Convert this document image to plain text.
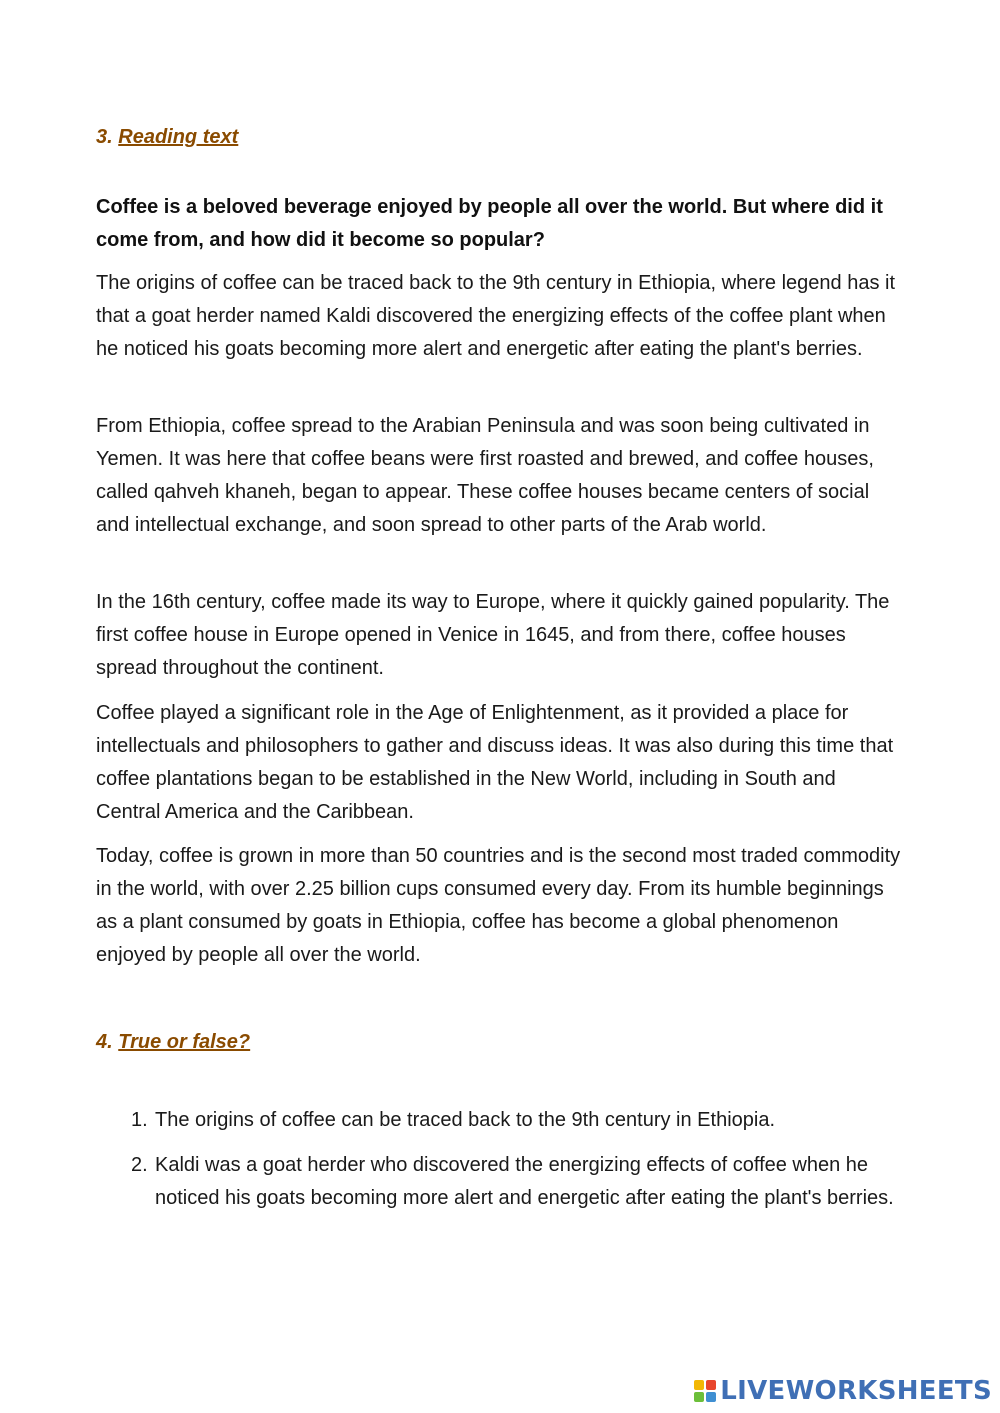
3. Reading text
Coffee is a beloved beverage enjoyed by people all over the world. But where did it come from, and how did it become so popular?
The origins of coffee can be traced back to the 9th century in Ethiopia, where legend has it that a goat herder named Kaldi discovered the energizing effects of the coffee plant when he noticed his goats becoming more alert and energetic after eating the plant's berries.
From Ethiopia, coffee spread to the Arabian Peninsula and was soon being cultivated in Yemen. It was here that coffee beans were first roasted and brewed, and coffee houses, called qahveh khaneh, began to appear. These coffee houses became centers of social and intellectual exchange, and soon spread to other parts of the Arab world.
In the 16th century, coffee made its way to Europe, where it quickly gained popularity. The first coffee house in Europe opened in Venice in 1645, and from there, coffee houses spread throughout the continent.
Coffee played a significant role in the Age of Enlightenment, as it provided a place for intellectuals and philosophers to gather and discuss ideas. It was also during this time that coffee plantations began to be established in the New World, including in South and Central America and the Caribbean.
Today, coffee is grown in more than 50 countries and is the second most traded commodity in the world, with over 2.25 billion cups consumed every day. From its humble beginnings as a plant consumed by goats in Ethiopia, coffee has become a global phenomenon enjoyed by people all over the world.
4. True or false?
1. The origins of coffee can be traced back to the 9th century in Ethiopia.
2. Kaldi was a goat herder who discovered the energizing effects of coffee when he noticed his goats becoming more alert and energetic after eating the plant's berries.
LIVEWORKSHEETS
